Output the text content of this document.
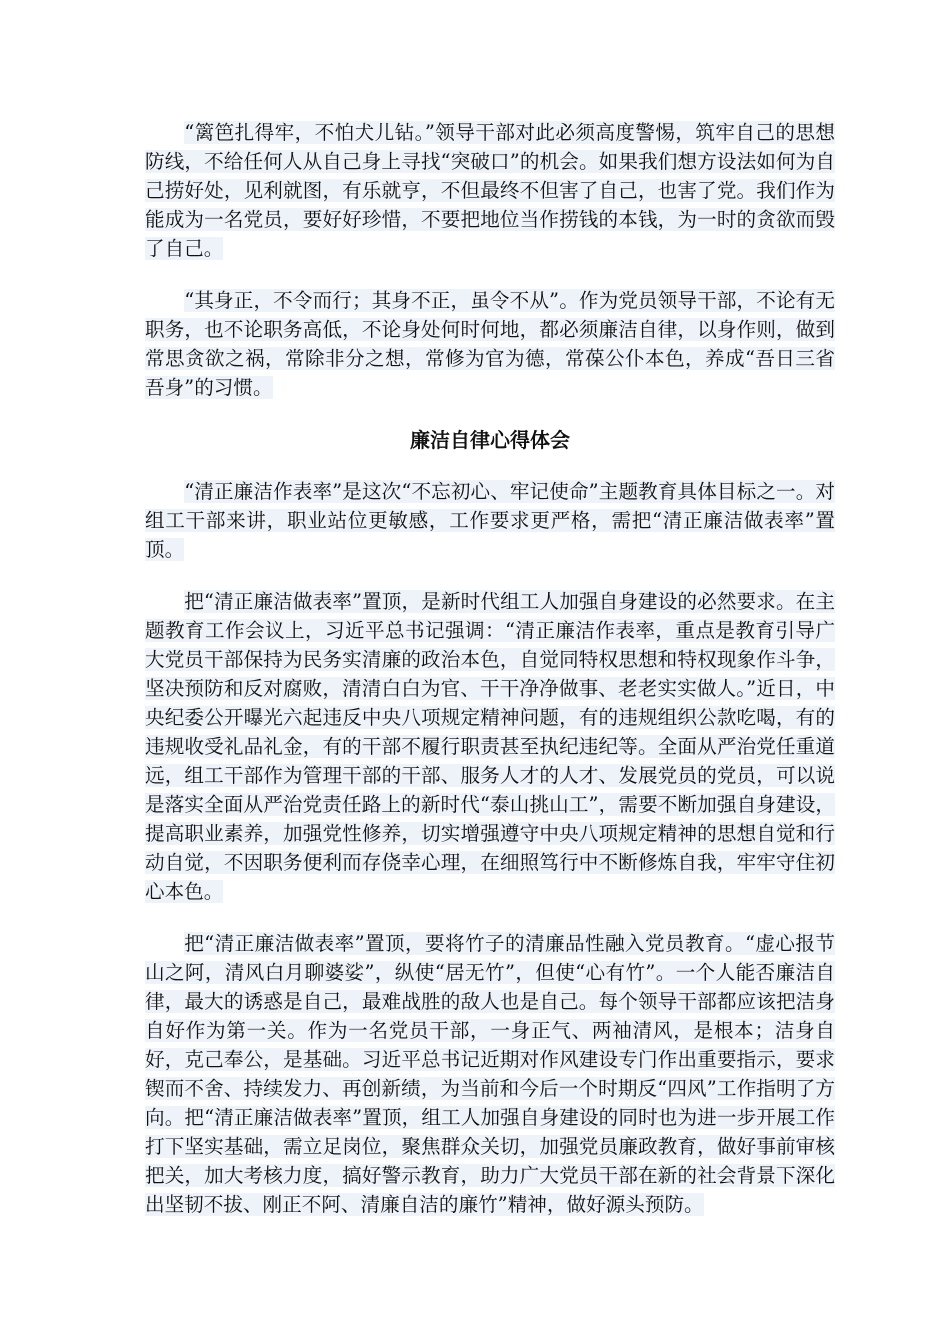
“篱笆扎得牢，不怕犬儿钻。”领导干部对此必须高度警惕，筑牢自己的思想防线，不给任何人从自己身上寻找“突破口”的机会。如果我们想方设法如何为自己捞好处，见利就图，有乐就亨，不但最终不但害了自己，也害了党。我们作为能成为一名党员，要好好珍惜，不要把地位当作捞钱的本钱，为一时的贪欲而毁了自己。

“其身正，不令而行；其身不正，虽令不从”。作为党员领导干部，不论有无职务，也不论职务高低，不论身处何时何地，都必须廉洁自律，以身作则，做到常思贪欲之祸，常除非分之想，常修为官为德，常葆公仆本色，养成“吾日三省吾身”的习惯。

廉洁自律心得体会

“清正廉洁作表率”是这次“不忘初心、牢记使命”主题教育具体目标之一。对组工干部来讲，职业站位更敏感，工作要求更严格，需把“清正廉洁做表率”置顶。

把“清正廉洁做表率”置顶，是新时代组工人加强自身建设的必然要求。在主题教育工作会议上，习近平总书记强调：“清正廉洁作表率，重点是教育引导广大党员干部保持为民务实清廉的政治本色，自觉同特权思想和特权现象作斗争，坚决预防和反对腐败，清清白白为官、干干净净做事、老老实实做人。”近日，中央纪委公开曝光六起违反中央八项规定精神问题，有的违规组织公款吃喝，有的违规收受礼品礼金，有的干部不履行职责甚至执纪违纪等。全面从严治党任重道远，组工干部作为管理干部的干部、服务人才的人才、发展党员的党员，可以说是落实全面从严治党责任路上的新时代“泰山挑山工”，需要不断加强自身建设，提高职业素养，加强党性修养，切实增强遵守中央八项规定精神的思想自觉和行动自觉，不因职务便利而存侥幸心理，在细照笃行中不断修炼自我，牢牢守住初心本色。

把“清正廉洁做表率”置顶，要将竹子的清廉品性融入党员教育。“虚心报节山之阿，清风白月聊婆娑”，纵使“居无竹”，但使“心有竹”。一个人能否廉洁自律，最大的诱惑是自己，最难战胜的敌人也是自己。每个领导干部都应该把洁身自好作为第一关。作为一名党员干部，一身正气、两袖清风，是根本；洁身自好，克己奉公，是基础。习近平总书记近期对作风建设专门作出重要指示，要求锲而不舍、持续发力、再创新绩，为当前和今后一个时期反“四风”工作指明了方向。把“清正廉洁做表率”置顶，组工人加强自身建设的同时也为进一步开展工作打下坚实基础，需立足岗位，聚焦群众关切，加强党员廉政教育，做好事前审核把关，加大考核力度，搞好警示教育，助力广大党员干部在新的社会背景下深化出坚韧不拔、刚正不阿、清廉自洁的廉竹”精神，做好源头预防。
